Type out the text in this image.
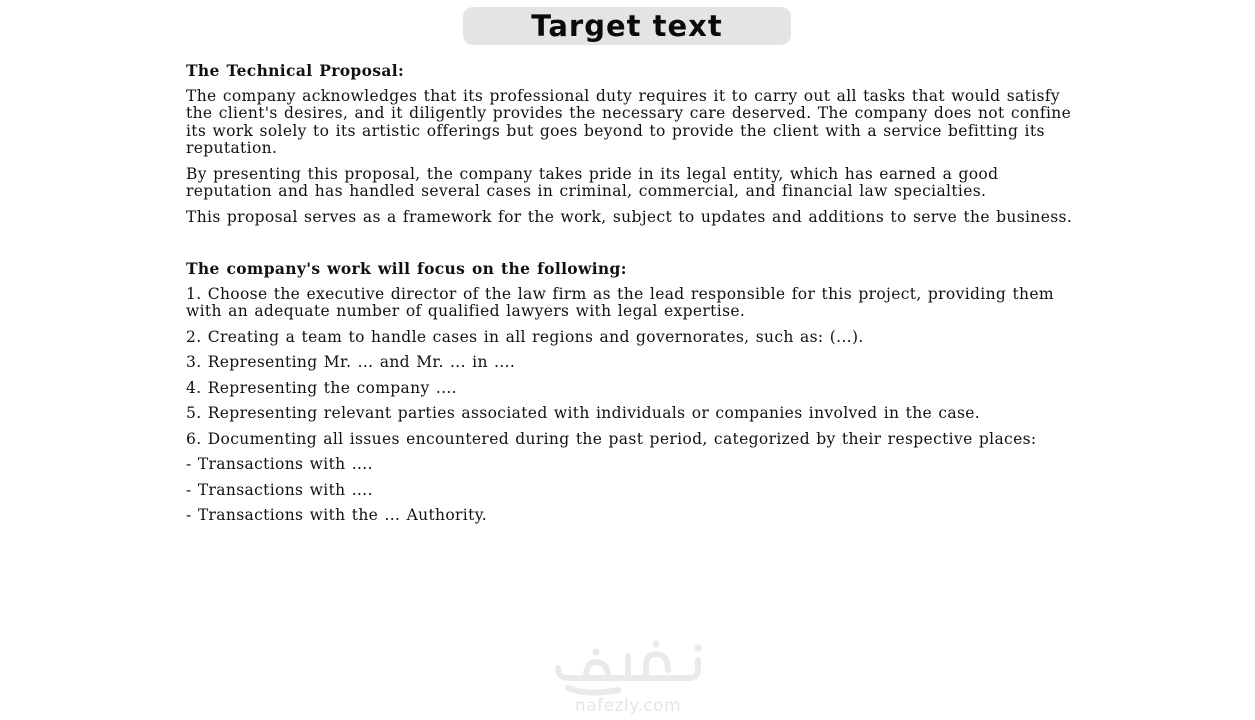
Target text
The Technical Proposal:
The company acknowledges that its professional duty requires it to carry out all tasks that would satisfy the client's desires, and it diligently provides the necessary care deserved. The company does not confine its work solely to its artistic offerings but goes beyond to provide the client with a service befitting its reputation.
By presenting this proposal, the company takes pride in its legal entity, which has earned a good reputation and has handled several cases in criminal, commercial, and financial law specialties.
This proposal serves as a framework for the work, subject to updates and additions to serve the business.
The company's work will focus on the following:
1. Choose the executive director of the law firm as the lead responsible for this project, providing them with an adequate number of qualified lawyers with legal expertise.
2. Creating a team to handle cases in all regions and governorates, such as: (...).
3. Representing Mr. ... and Mr. ... in ....
4. Representing the company ....
5. Representing relevant parties associated with individuals or companies involved in the case.
6. Documenting all issues encountered during the past period, categorized by their respective places:
- Transactions with ....
- Transactions with ....
- Transactions with the ... Authority.
nafezly.com
